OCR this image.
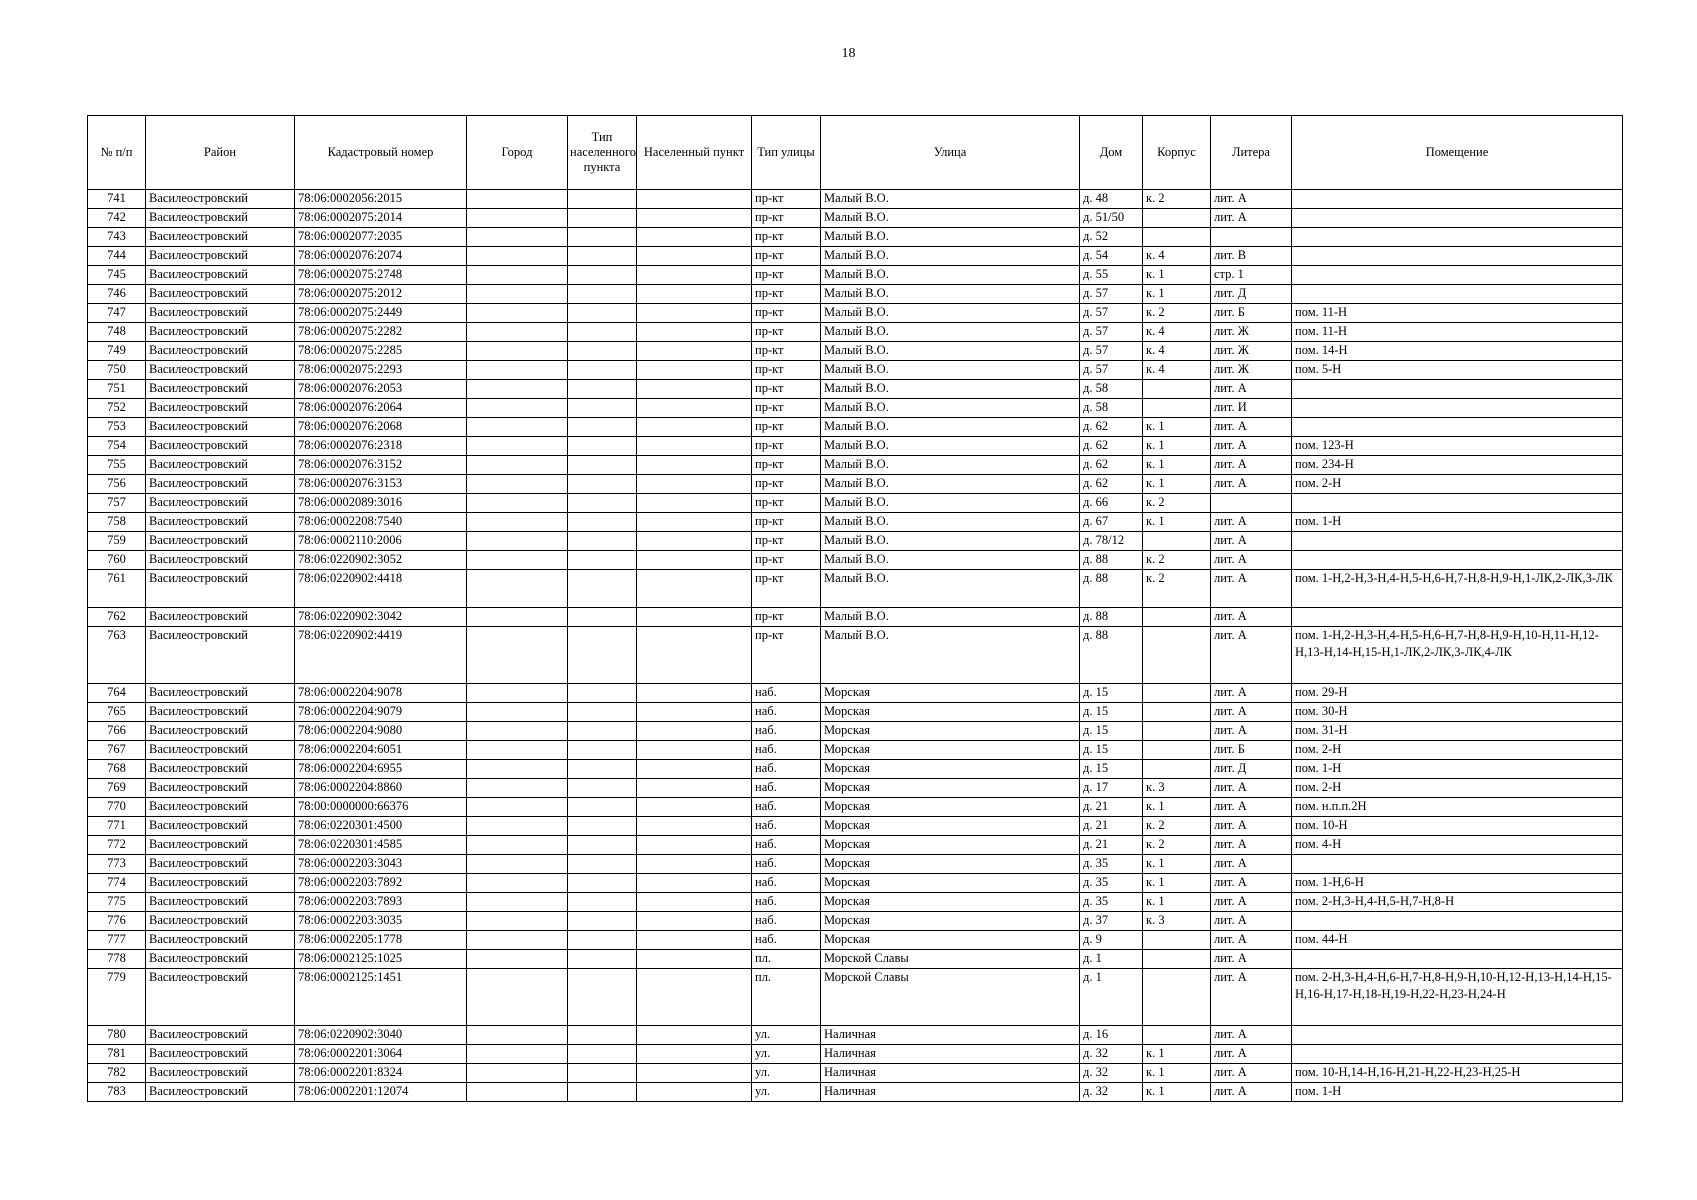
18
№ п/п	Район	Кадастровый номер	Город	Тип населенного пункта	Населенный пункт	Тип улицы	Улица	Дом	Корпус	Литера	Помещение
741	Василеостровский	78:06:0002056:2015				пр-кт	Малый В.О.	д. 48	к. 2	лит. А	
742	Василеостровский	78:06:0002075:2014				пр-кт	Малый В.О.	д. 51/50		лит. А	
743	Василеостровский	78:06:0002077:2035				пр-кт	Малый В.О.	д. 52			
744	Василеостровский	78:06:0002076:2074				пр-кт	Малый В.О.	д. 54	к. 4	лит. В	
745	Василеостровский	78:06:0002075:2748				пр-кт	Малый В.О.	д. 55	к. 1	стр. 1	
746	Василеостровский	78:06:0002075:2012				пр-кт	Малый В.О.	д. 57	к. 1	лит. Д	
747	Василеостровский	78:06:0002075:2449				пр-кт	Малый В.О.	д. 57	к. 2	лит. Б	пом. 11-Н
748	Василеостровский	78:06:0002075:2282				пр-кт	Малый В.О.	д. 57	к. 4	лит. Ж	пом. 11-Н
749	Василеостровский	78:06:0002075:2285				пр-кт	Малый В.О.	д. 57	к. 4	лит. Ж	пом. 14-Н
750	Василеостровский	78:06:0002075:2293				пр-кт	Малый В.О.	д. 57	к. 4	лит. Ж	пом. 5-Н
751	Василеостровский	78:06:0002076:2053				пр-кт	Малый В.О.	д. 58		лит. А	
752	Василеостровский	78:06:0002076:2064				пр-кт	Малый В.О.	д. 58		лит. И	
753	Василеостровский	78:06:0002076:2068				пр-кт	Малый В.О.	д. 62	к. 1	лит. А	
754	Василеостровский	78:06:0002076:2318				пр-кт	Малый В.О.	д. 62	к. 1	лит. А	пом. 123-Н
755	Василеостровский	78:06:0002076:3152				пр-кт	Малый В.О.	д. 62	к. 1	лит. А	пом. 234-Н
756	Василеостровский	78:06:0002076:3153				пр-кт	Малый В.О.	д. 62	к. 1	лит. А	пом. 2-Н
757	Василеостровский	78:06:0002089:3016				пр-кт	Малый В.О.	д. 66	к. 2		
758	Василеостровский	78:06:0002208:7540				пр-кт	Малый В.О.	д. 67	к. 1	лит. А	пом. 1-Н
759	Василеостровский	78:06:0002110:2006				пр-кт	Малый В.О.	д. 78/12		лит. А	
760	Василеостровский	78:06:0220902:3052				пр-кт	Малый В.О.	д. 88	к. 2	лит. А	
761	Василеостровский	78:06:0220902:4418				пр-кт	Малый В.О.	д. 88	к. 2	лит. А	пом. 1-Н,2-Н,3-Н,4-Н,5-Н,6-Н,7-Н,8-Н,9-Н,1-ЛК,2-ЛК,3-ЛК
762	Василеостровский	78:06:0220902:3042				пр-кт	Малый В.О.	д. 88		лит. А	
763	Василеостровский	78:06:0220902:4419				пр-кт	Малый В.О.	д. 88		лит. А	пом. 1-Н,2-Н,3-Н,4-Н,5-Н,6-Н,7-Н,8-Н,9-Н,10-Н,11-Н,12-Н,13-Н,14-Н,15-Н,1-ЛК,2-ЛК,3-ЛК,4-ЛК
764	Василеостровский	78:06:0002204:9078				наб.	Морская	д. 15		лит. А	пом. 29-Н
765	Василеостровский	78:06:0002204:9079				наб.	Морская	д. 15		лит. А	пом. 30-Н
766	Василеостровский	78:06:0002204:9080				наб.	Морская	д. 15		лит. А	пом. 31-Н
767	Василеостровский	78:06:0002204:6051				наб.	Морская	д. 15		лит. Б	пом. 2-Н
768	Василеостровский	78:06:0002204:6955				наб.	Морская	д. 15		лит. Д	пом. 1-Н
769	Василеостровский	78:06:0002204:8860				наб.	Морская	д. 17	к. 3	лит. А	пом. 2-Н
770	Василеостровский	78:00:0000000:66376				наб.	Морская	д. 21	к. 1	лит. А	пом. н.п.п.2Н
771	Василеостровский	78:06:0220301:4500				наб.	Морская	д. 21	к. 2	лит. А	пом. 10-Н
772	Василеостровский	78:06:0220301:4585				наб.	Морская	д. 21	к. 2	лит. А	пом. 4-Н
773	Василеостровский	78:06:0002203:3043				наб.	Морская	д. 35	к. 1	лит. А	
774	Василеостровский	78:06:0002203:7892				наб.	Морская	д. 35	к. 1	лит. А	пом. 1-Н,6-Н
775	Василеостровский	78:06:0002203:7893				наб.	Морская	д. 35	к. 1	лит. А	пом. 2-Н,3-Н,4-Н,5-Н,7-Н,8-Н
776	Василеостровский	78:06:0002203:3035				наб.	Морская	д. 37	к. 3	лит. А	
777	Василеостровский	78:06:0002205:1778				наб.	Морская	д. 9		лит. А	пом. 44-Н
778	Василеостровский	78:06:0002125:1025				пл.	Морской Славы	д. 1		лит. А	
779	Василеостровский	78:06:0002125:1451				пл.	Морской Славы	д. 1		лит. А	пом. 2-Н,3-Н,4-Н,6-Н,7-Н,8-Н,9-Н,10-Н,12-Н,13-Н,14-Н,15-Н,16-Н,17-Н,18-Н,19-Н,22-Н,23-Н,24-Н
780	Василеостровский	78:06:0220902:3040				ул.	Наличная	д. 16		лит. А	
781	Василеостровский	78:06:0002201:3064				ул.	Наличная	д. 32	к. 1	лит. А	
782	Василеостровский	78:06:0002201:8324				ул.	Наличная	д. 32	к. 1	лит. А	пом. 10-Н,14-Н,16-Н,21-Н,22-Н,23-Н,25-Н
783	Василеостровский	78:06:0002201:12074				ул.	Наличная	д. 32	к. 1	лит. А	пом. 1-Н
